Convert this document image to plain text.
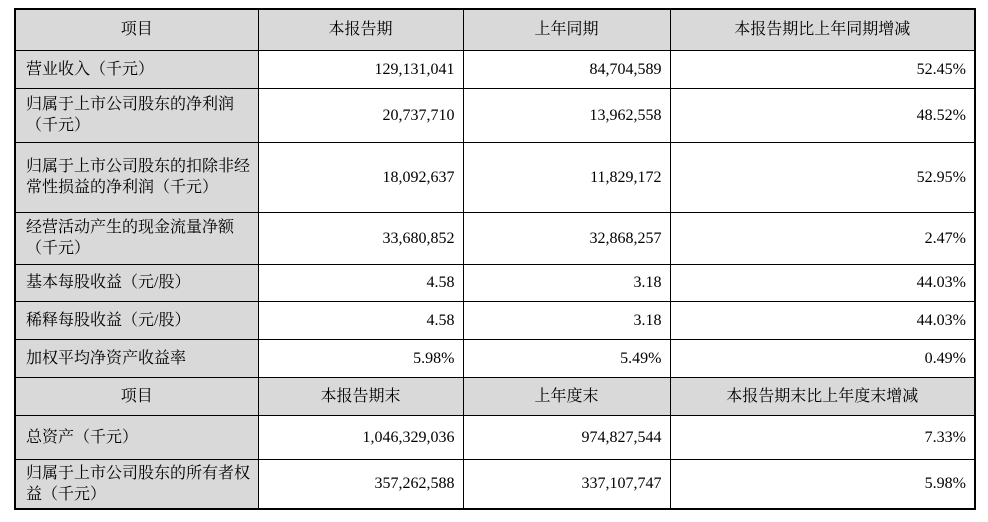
项目	本报告期	上年同期	本报告期比上年同期增减
营业收入（千元）	129,131,041	84,704,589	52.45%
归属于上市公司股东的净利润（千元）	20,737,710	13,962,558	48.52%
归属于上市公司股东的扣除非经常性损益的净利润（千元）	18,092,637	11,829,172	52.95%
经营活动产生的现金流量净额（千元）	33,680,852	32,868,257	2.47%
基本每股收益（元/股）	4.58	3.18	44.03%
稀释每股收益（元/股）	4.58	3.18	44.03%
加权平均净资产收益率	5.98%	5.49%	0.49%
项目	本报告期末	上年度末	本报告期末比上年度末增减
总资产（千元）	1,046,329,036	974,827,544	7.33%
归属于上市公司股东的所有者权益（千元）	357,262,588	337,107,747	5.98%
